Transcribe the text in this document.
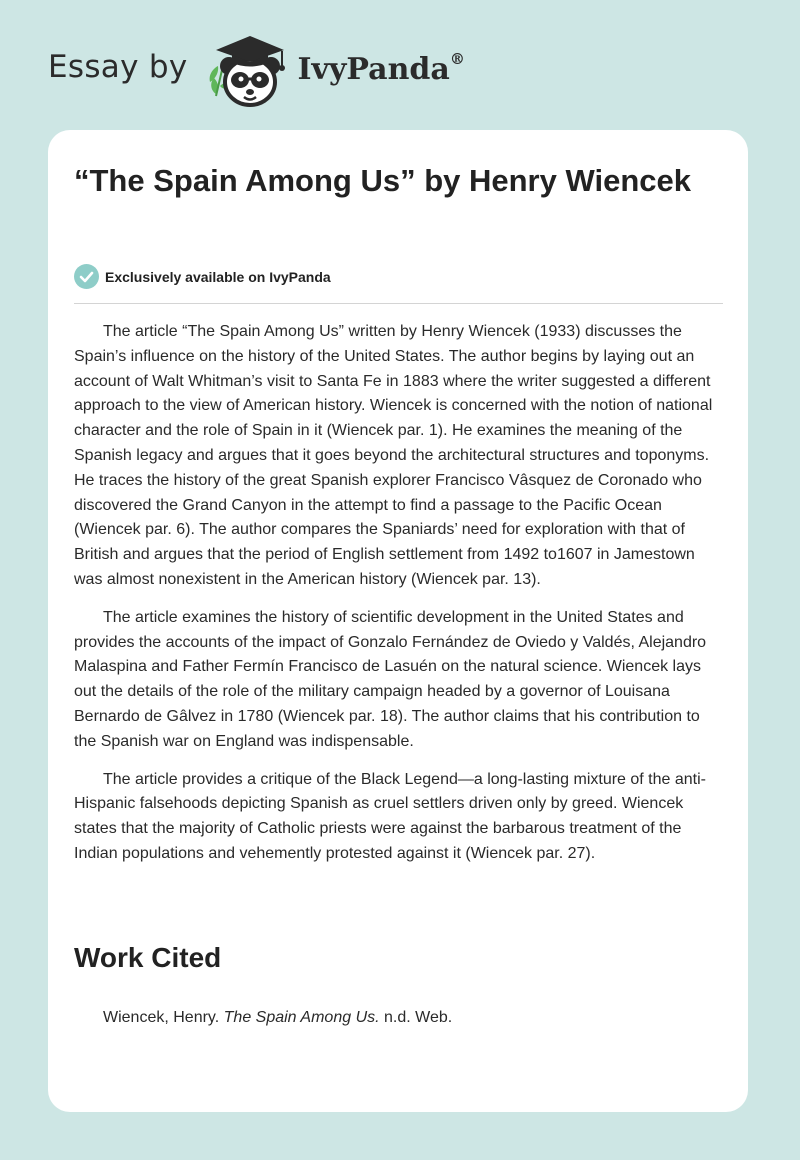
Essay by	IvyPanda®
“The Spain Among Us” by Henry Wiencek
Exclusively available on IvyPanda

The article “The Spain Among Us” written by Henry Wiencek (1933) discusses the Spain’s influence on the history of the United States. The author begins by laying out an account of Walt Whitman’s visit to Santa Fe in 1883 where the writer suggested a different approach to the view of American history. Wiencek is concerned with the notion of national character and the role of Spain in it (Wiencek par. 1). He examines the meaning of the Spanish legacy and argues that it goes beyond the architectural structures and toponyms. He traces the history of the great Spanish explorer Francisco Vâsquez de Coronado who discovered the Grand Canyon in the attempt to find a passage to the Pacific Ocean (Wiencek par. 6). The author compares the Spaniards’ need for exploration with that of British and argues that the period of English settlement from 1492 to1607 in Jamestown was almost nonexistent in the American history (Wiencek par. 13).

The article examines the history of scientific development in the United States and provides the accounts of the impact of Gonzalo Fernández de Oviedo y Valdés, Alejandro Malaspina and Father Fermín Francisco de Lasuén on the natural science. Wiencek lays out the details of the role of the military campaign headed by a governor of Louisana Bernardo de Gâlvez in 1780 (Wiencek par. 18). The author claims that his contribution to the Spanish war on England was indispensable.

The article provides a critique of the Black Legend—a long-lasting mixture of the anti-Hispanic falsehoods depicting Spanish as cruel settlers driven only by greed. Wiencek states that the majority of Catholic priests were against the barbarous treatment of the Indian populations and vehemently protested against it (Wiencek par. 27).

Work Cited
Wiencek, Henry. The Spain Among Us. n.d. Web.
